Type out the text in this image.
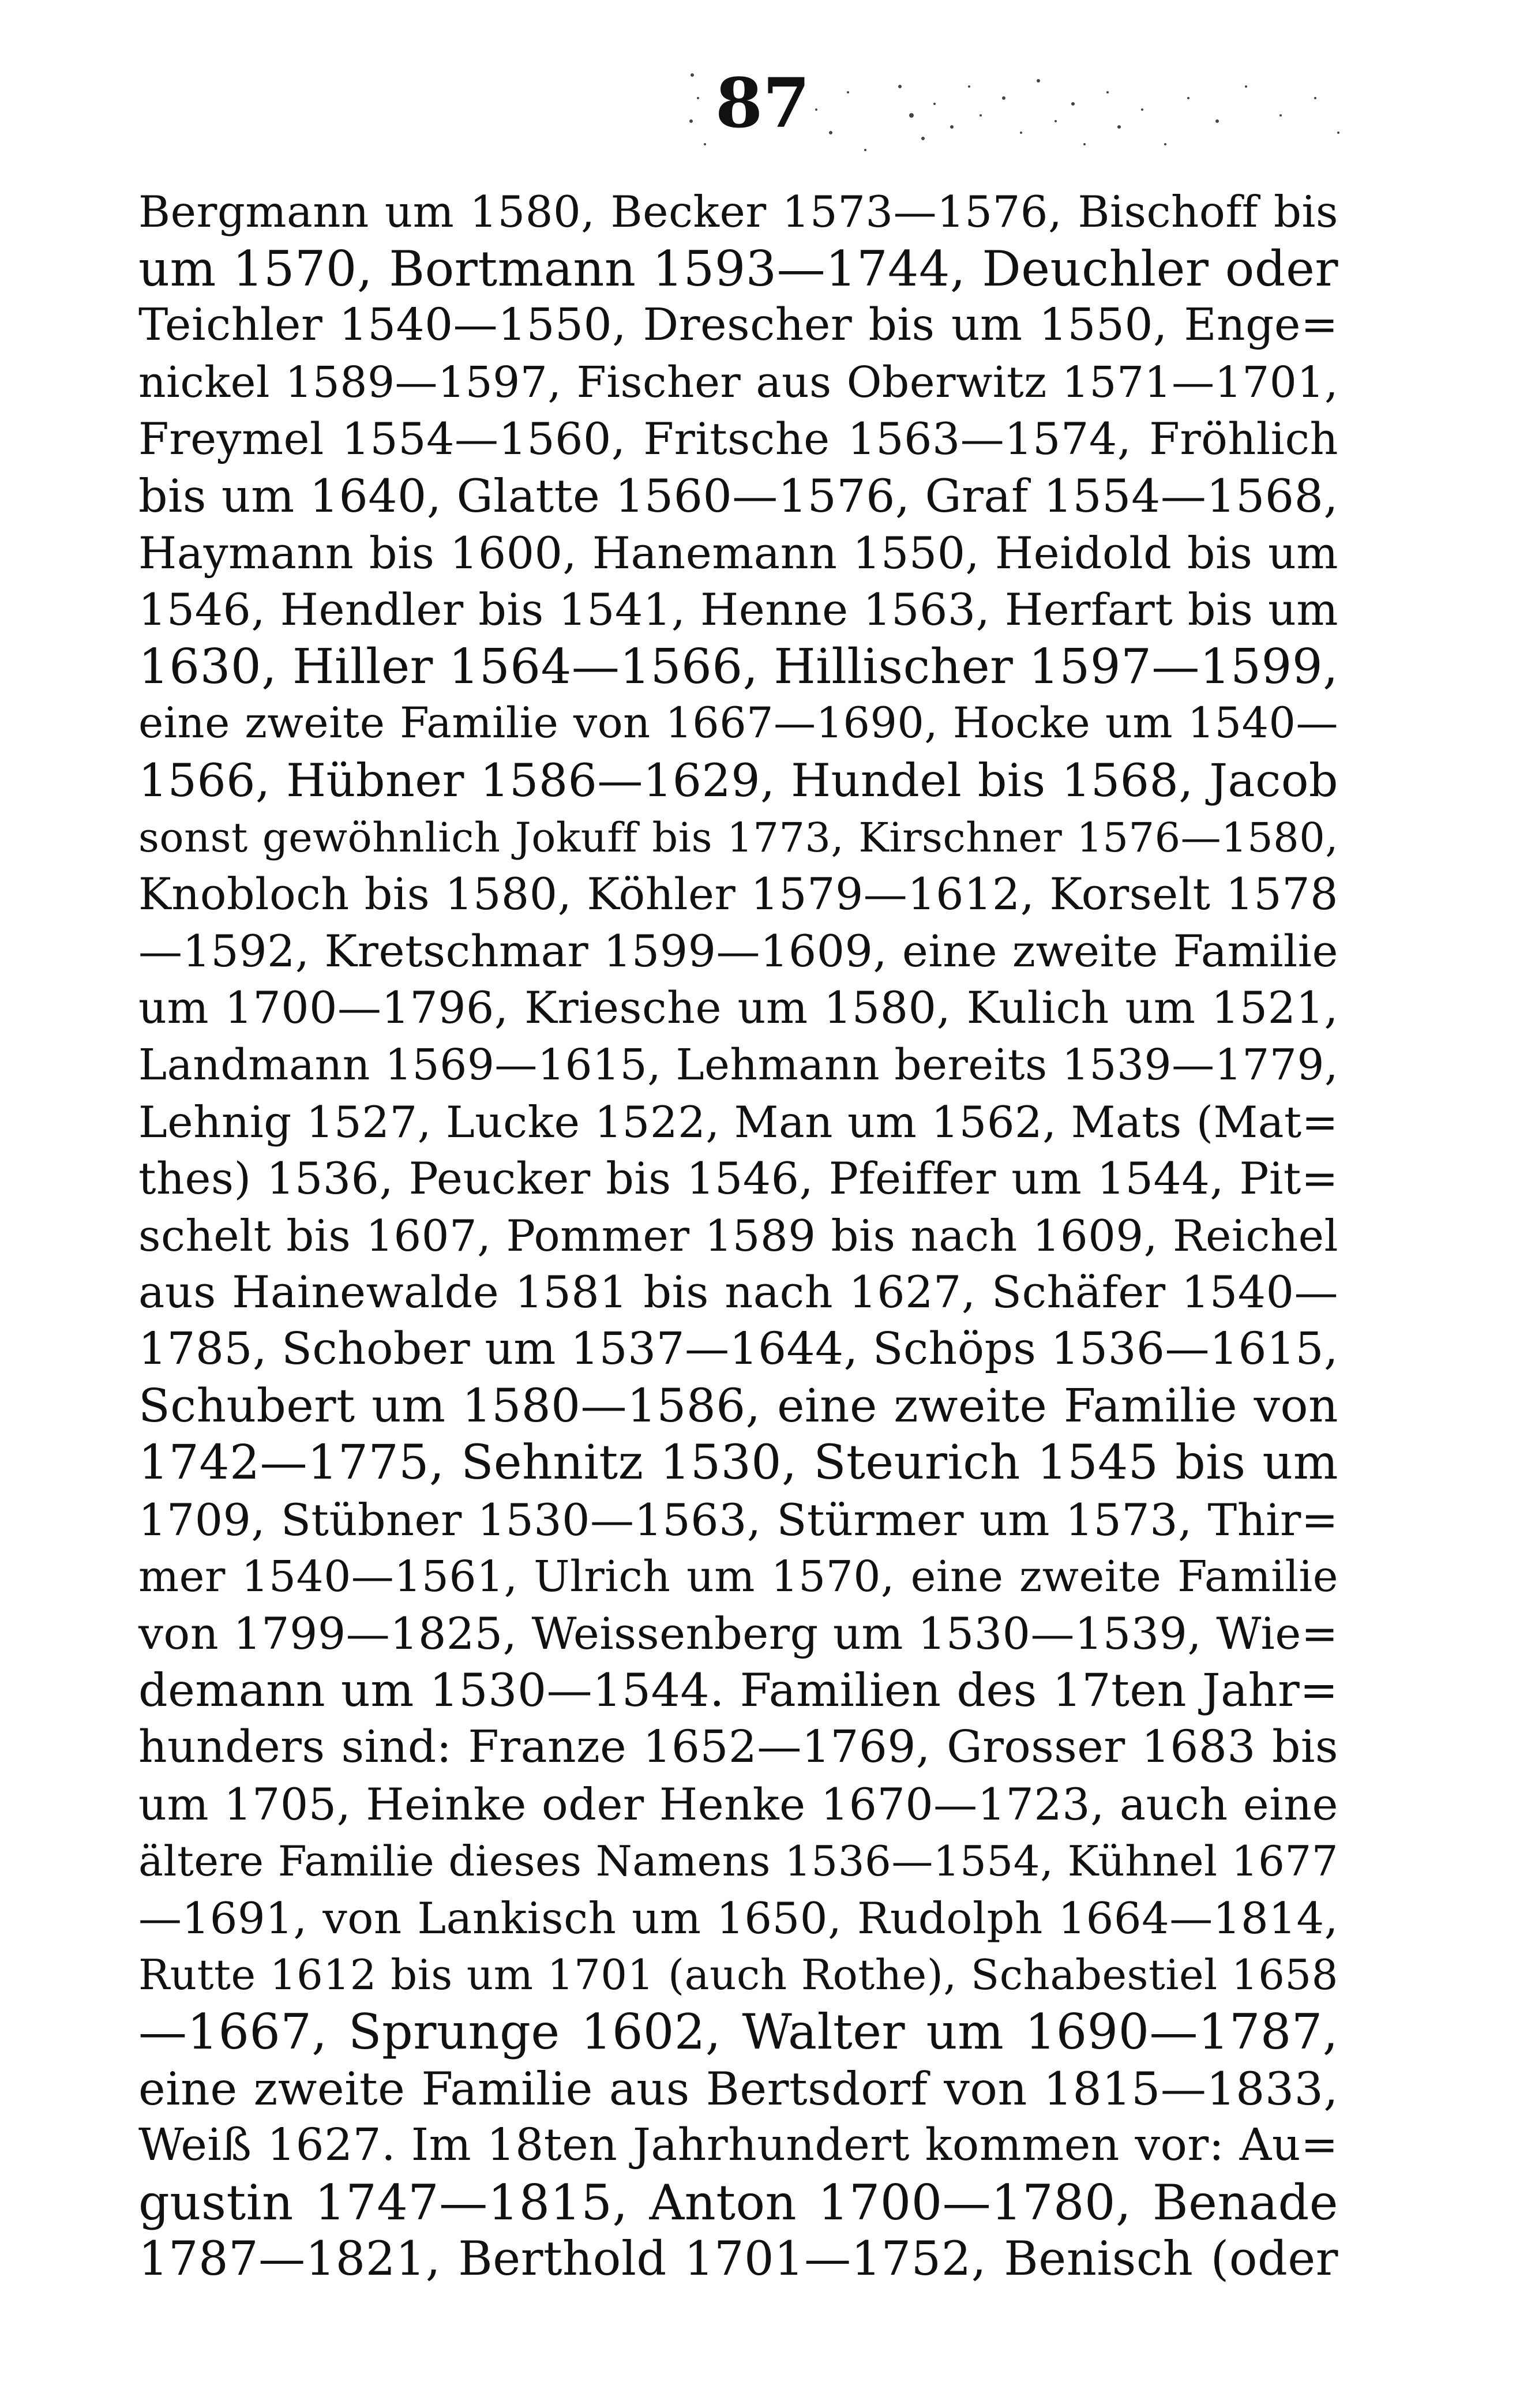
87
Bergmann um 1580, Becker 1573—1576, Bischoff bis
um 1570, Bortmann 1593—1744, Deuchler oder
Teichler 1540—1550, Drescher bis um 1550, Enge=
nickel 1589—1597, Fischer aus Oberwitz 1571—1701,
Freymel 1554—1560, Fritsche 1563—1574, Fröhlich
bis um 1640, Glatte 1560—1576, Graf 1554—1568,
Haymann bis 1600, Hanemann 1550, Heidold bis um
1546, Hendler bis 1541, Henne 1563, Herfart bis um
1630, Hiller 1564—1566, Hillischer 1597—1599,
eine zweite Familie von 1667—1690, Hocke um 1540—
1566, Hübner 1586—1629, Hundel bis 1568, Jacob
sonst gewöhnlich Jokuff bis 1773, Kirschner 1576—1580,
Knobloch bis 1580, Köhler 1579—1612, Korselt 1578
—1592, Kretschmar 1599—1609, eine zweite Familie
um 1700—1796, Kriesche um 1580, Kulich um 1521,
Landmann 1569—1615, Lehmann bereits 1539—1779,
Lehnig 1527, Lucke 1522, Man um 1562, Mats (Mat=
thes) 1536, Peucker bis 1546, Pfeiffer um 1544, Pit=
schelt bis 1607, Pommer 1589 bis nach 1609, Reichel
aus Hainewalde 1581 bis nach 1627, Schäfer 1540—
1785, Schober um 1537—1644, Schöps 1536—1615,
Schubert um 1580—1586, eine zweite Familie von
1742—1775, Sehnitz 1530, Steurich 1545 bis um
1709, Stübner 1530—1563, Stürmer um 1573, Thir=
mer 1540—1561, Ulrich um 1570, eine zweite Familie
von 1799—1825, Weissenberg um 1530—1539, Wie=
demann um 1530—1544. Familien des 17ten Jahr=
hunders sind: Franze 1652—1769, Grosser 1683 bis
um 1705, Heinke oder Henke 1670—1723, auch eine
ältere Familie dieses Namens 1536—1554, Kühnel 1677
—1691, von Lankisch um 1650, Rudolph 1664—1814,
Rutte 1612 bis um 1701 (auch Rothe), Schabestiel 1658
—1667, Sprunge 1602, Walter um 1690—1787,
eine zweite Familie aus Bertsdorf von 1815—1833,
Weiß 1627. Im 18ten Jahrhundert kommen vor: Au=
gustin 1747—1815, Anton 1700—1780, Benade
1787—1821, Berthold 1701—1752, Benisch (oder
